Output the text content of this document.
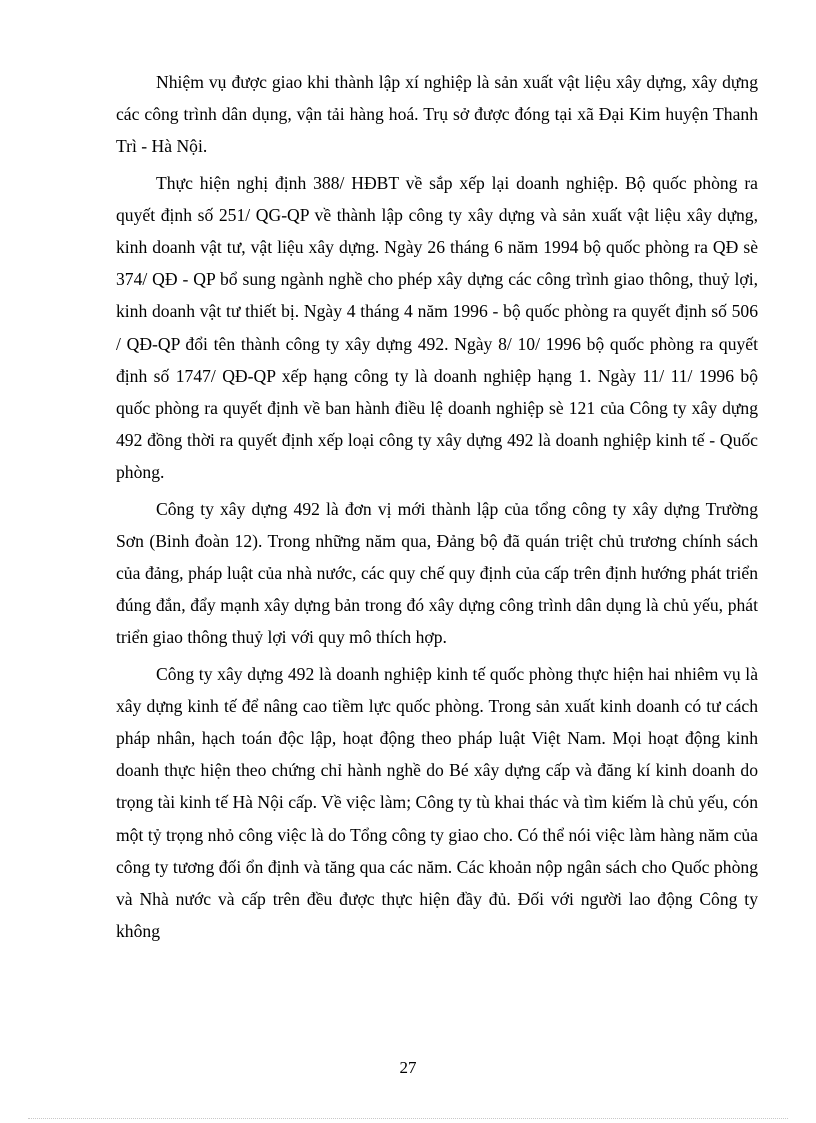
Nhiệm vụ được giao khi thành lập xí nghiệp là sản xuất vật liệu xây dựng, xây dựng các công trình dân dụng, vận tải hàng hoá. Trụ sở được đóng tại xã Đại Kim huyện Thanh Trì - Hà Nội.

Thực hiện nghị định 388/ HĐBT về sắp xếp lại doanh nghiệp. Bộ quốc phòng ra quyết định số 251/ QG-QP về thành lập công ty xây dựng và sản xuất vật liệu xây dựng, kinh doanh vật tư, vật liệu xây dựng. Ngày 26 tháng 6 năm 1994 bộ quốc phòng ra QĐ sè 374/ QĐ - QP bổ sung ngành nghề cho phép xây dựng các công trình giao thông, thuỷ lợi, kinh doanh vật tư thiết bị. Ngày 4 tháng 4 năm 1996 - bộ quốc phòng ra quyết định số 506 / QĐ-QP đổi tên thành công ty xây dựng 492. Ngày 8/ 10/ 1996 bộ quốc phòng ra quyết định số 1747/ QĐ-QP xếp hạng công ty là doanh nghiệp hạng 1. Ngày 11/ 11/ 1996 bộ quốc phòng ra quyết định về ban hành điều lệ doanh nghiệp sè 121 của Công ty xây dựng 492 đồng thời ra quyết định xếp loại công ty xây dựng 492 là doanh nghiệp kinh tế - Quốc phòng.

Công ty xây dựng 492 là đơn vị mới thành lập của tổng công ty xây dựng Trường Sơn (Binh đoàn 12). Trong những năm qua, Đảng bộ đã quán triệt chủ trương chính sách của đảng, pháp luật của nhà nước, các quy chế quy định của cấp trên định hướng phát triển đúng đắn, đẩy mạnh xây dựng bản trong đó xây dựng công trình dân dụng là chủ yếu, phát triển giao thông thuỷ lợi với quy mô thích hợp.

Công ty xây dựng 492 là doanh nghiệp kinh tế quốc phòng thực hiện hai nhiêm vụ là xây dựng kinh tế để nâng cao tiềm lực quốc phòng. Trong sản xuất kinh doanh có tư cách pháp nhân, hạch toán độc lập, hoạt động theo pháp luật Việt Nam. Mọi hoạt động kinh doanh thực hiện theo chứng chỉ hành nghề do Bé xây dựng cấp và đăng kí kinh doanh do trọng tài kinh tế Hà Nội cấp. Về việc làm; Công ty tù khai thác và tìm kiếm là chủ yếu, cón một tỷ trọng nhỏ công việc là do Tổng công ty giao cho. Có thể nói việc làm hàng năm của công ty tương đối ổn định và tăng qua các năm. Các khoản nộp ngân sách cho Quốc phòng và Nhà nước và cấp trên đều được thực hiện đầy đủ. Đối với người lao động Công ty không

27
